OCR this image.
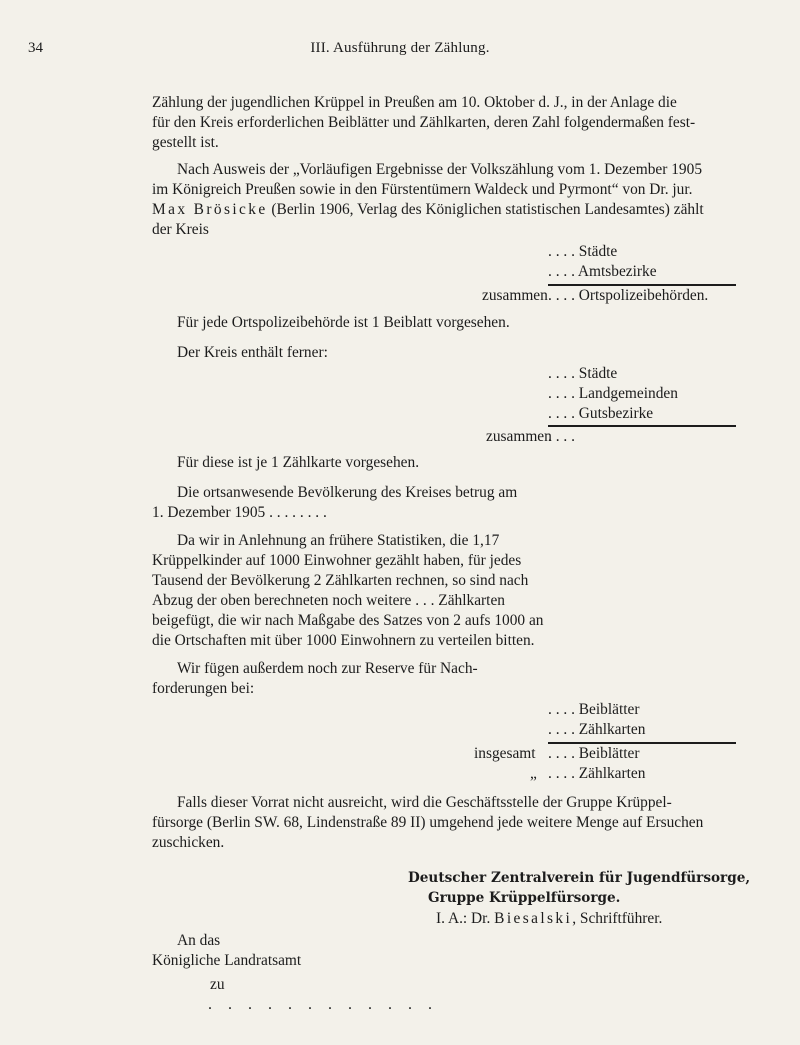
34	III. Ausführung der Zählung.
Zählung der jugendlichen Krüppel in Preußen am 10. Oktober d. J., in der Anlage die
für den Kreis erforderlichen Beiblätter und Zählkarten, deren Zahl folgendermaßen fest-
gestellt ist.
Nach Ausweis der „Vorläufigen Ergebnisse der Volkszählung vom 1. Dezember 1905
im Königreich Preußen sowie in den Fürstentümern Waldeck und Pyrmont“ von Dr. jur.
Max Brösicke (Berlin 1906, Verlag des Königlichen statistischen Landesamtes) zählt
der Kreis
. . . . Städte
. . . . Amtsbezirke
zusammen . . . . Ortspolizeibehörden.
Für jede Ortspolizeibehörde ist 1 Beiblatt vorgesehen.
Der Kreis enthält ferner:
. . . . Städte
. . . . Landgemeinden
. . . . Gutsbezirke
zusammen
. . . .
Für diese ist je 1 Zählkarte vorgesehen.
Die ortsanwesende Bevölkerung des Kreises betrug am
1. Dezember 1905 . . . . . . . .
Da wir in Anlehnung an frühere Statistiken, die 1,17
Krüppelkinder auf 1000 Einwohner gezählt haben, für jedes
Tausend der Bevölkerung 2 Zählkarten rechnen, so sind nach
Abzug der oben berechneten noch weitere . . . Zählkarten
beigefügt, die wir nach Maßgabe des Satzes von 2 aufs 1000 an
die Ortschaften mit über 1000 Einwohnern zu verteilen bitten.
Wir fügen außerdem noch zur Reserve für Nach-
forderungen bei:
. . . . Beiblätter
. . . . Zählkarten
insgesamt . . . . Beiblätter
„ . . . . Zählkarten
Falls dieser Vorrat nicht ausreicht, wird die Geschäftsstelle der Gruppe Krüppel-
fürsorge (Berlin SW. 68, Lindenstraße 89 II) umgehend jede weitere Menge auf Ersuchen
zuschicken.
Deutscher Zentralverein für Jugendfürsorge,
Gruppe Krüppelfürsorge.
I. A.: Dr. Biesalski, Schriftführer.
An das
Königliche Landratsamt
zu
. . . . . . . . . . . .
